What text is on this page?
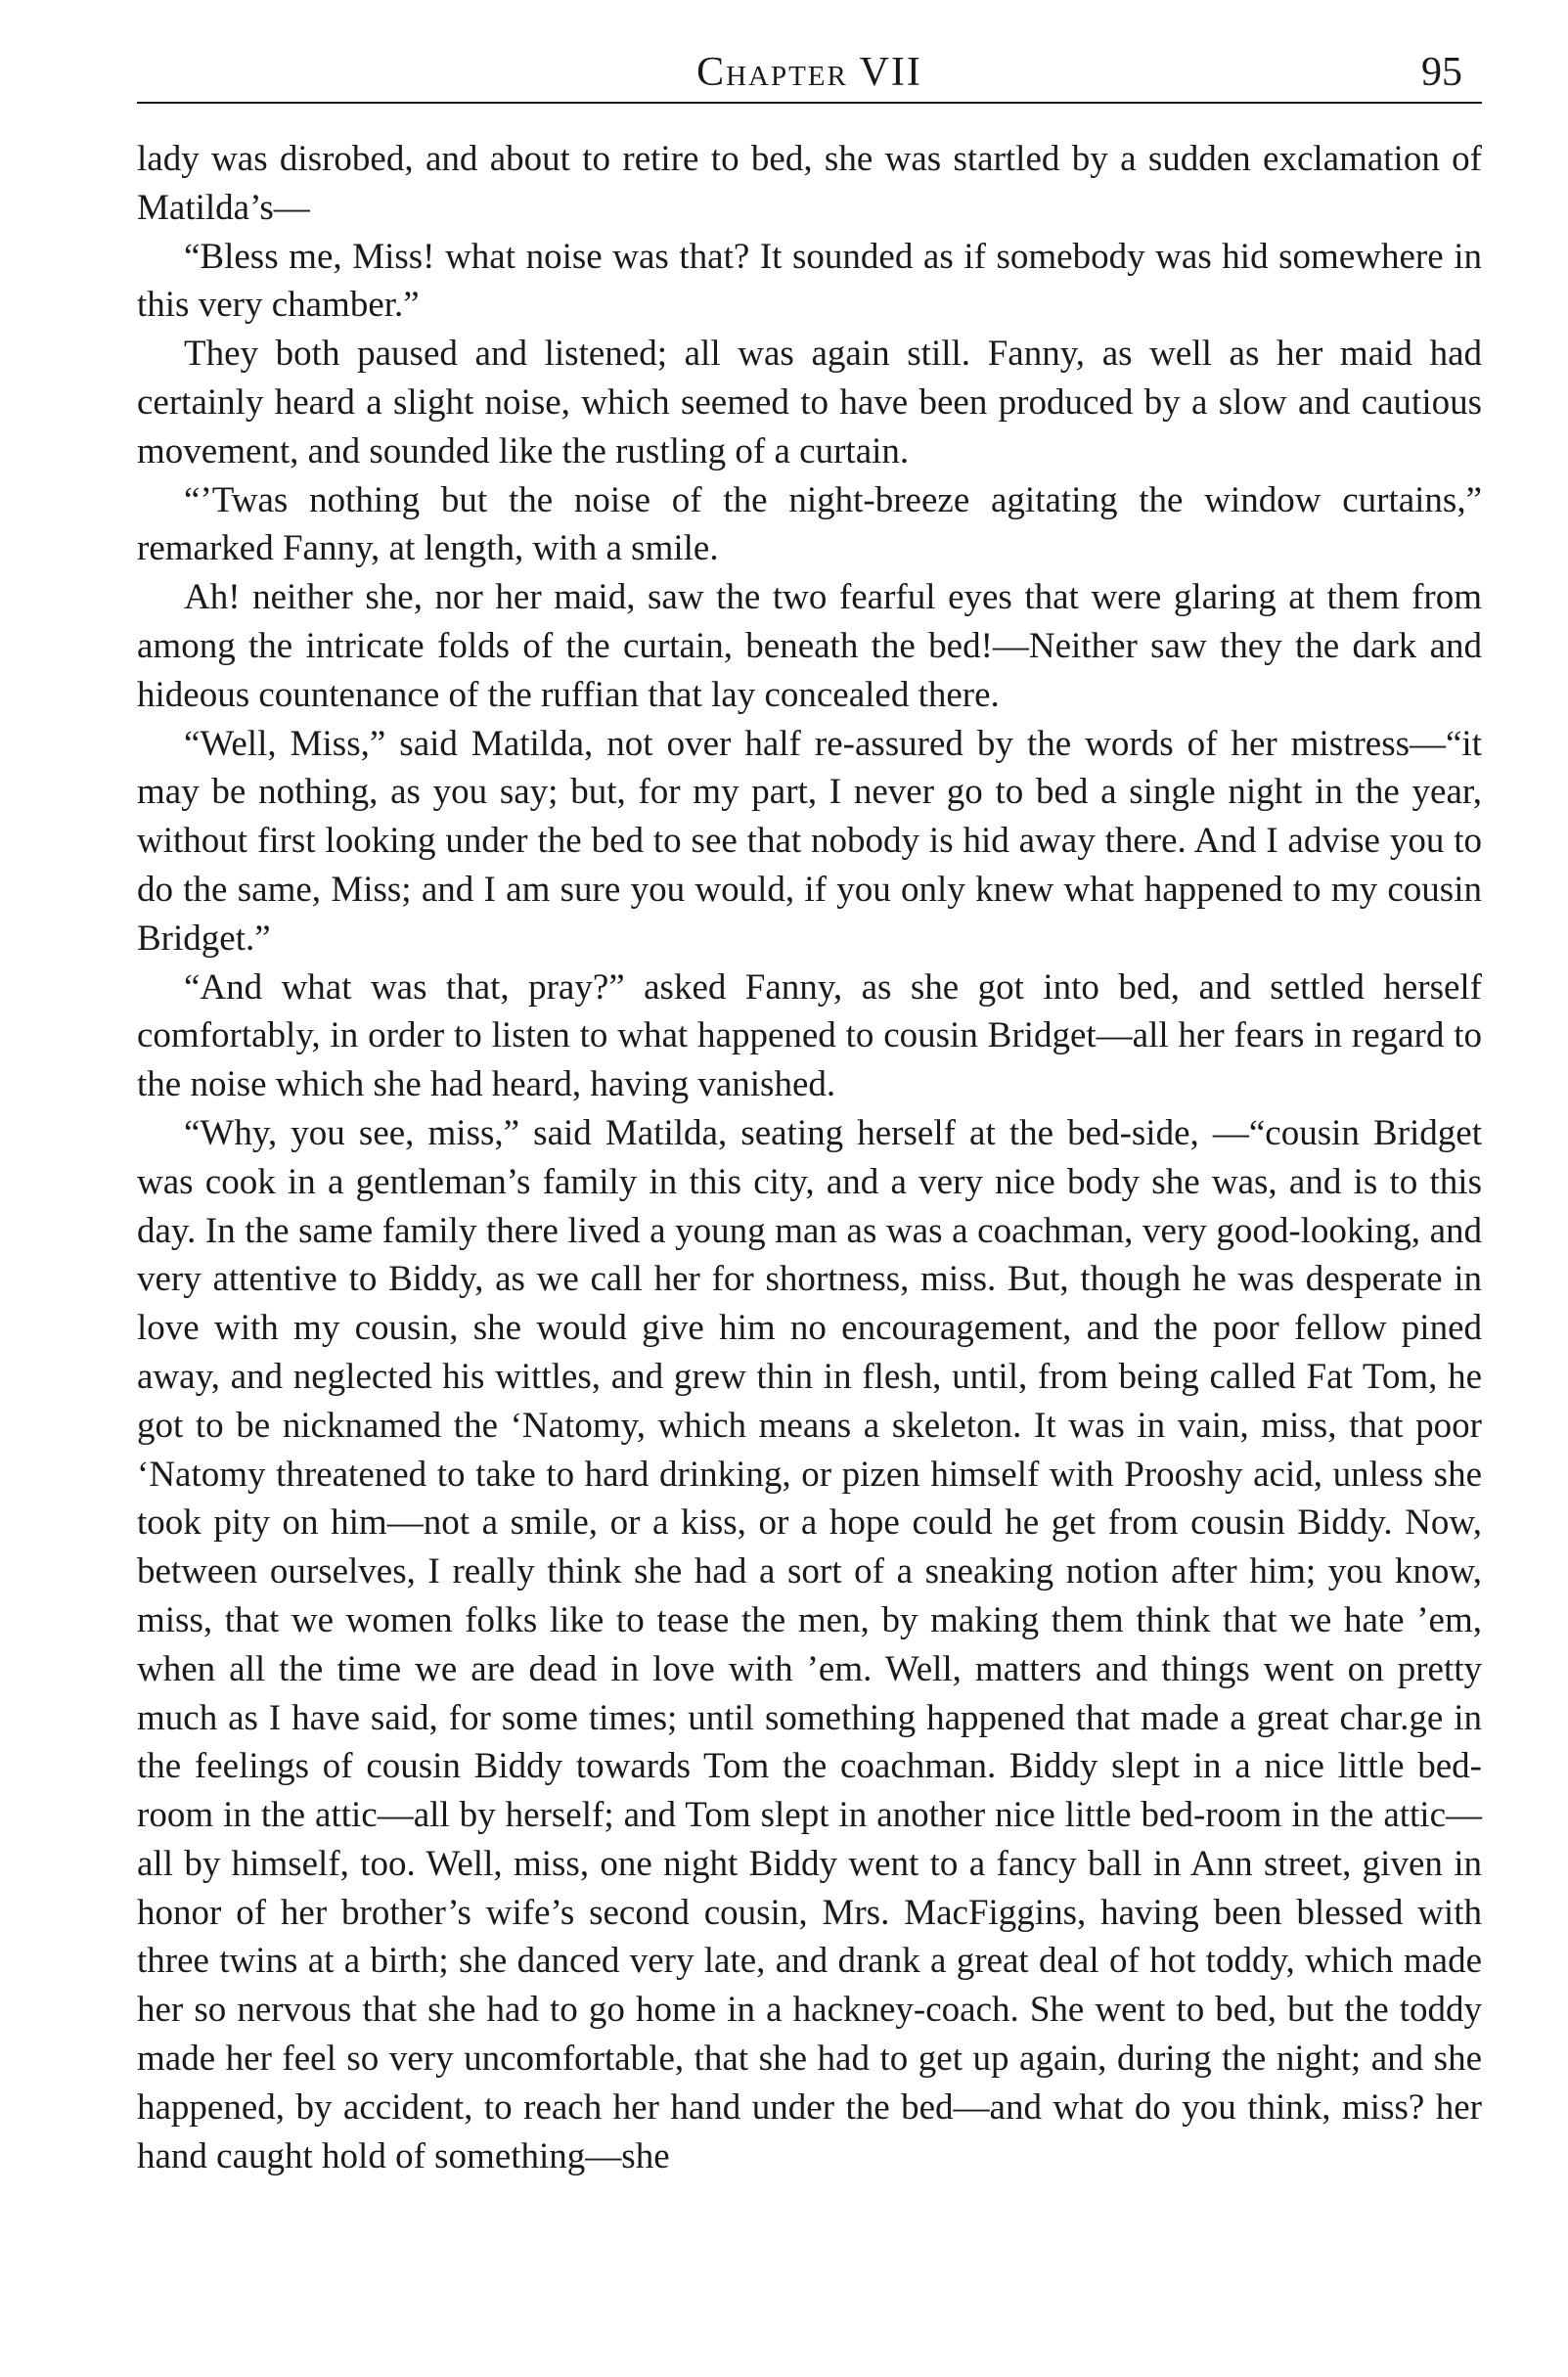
Chapter VII	95

lady was disrobed, and about to retire to bed, she was startled by a sudden exclamation of Matilda’s—

“Bless me, Miss! what noise was that? It sounded as if somebody was hid somewhere in this very chamber.”

They both paused and listened; all was again still. Fanny, as well as her maid had certainly heard a slight noise, which seemed to have been produced by a slow and cautious movement, and sounded like the rustling of a curtain.

“’Twas nothing but the noise of the night-breeze agitating the window curtains,” remarked Fanny, at length, with a smile.

Ah! neither she, nor her maid, saw the two fearful eyes that were glaring at them from among the intricate folds of the curtain, beneath the bed!—Neither saw they the dark and hideous countenance of the ruffian that lay concealed there.

“Well, Miss,” said Matilda, not over half re-assured by the words of her mistress—“it may be nothing, as you say; but, for my part, I never go to bed a single night in the year, without first looking under the bed to see that nobody is hid away there. And I advise you to do the same, Miss; and I am sure you would, if you only knew what happened to my cousin Bridget.”

“And what was that, pray?” asked Fanny, as she got into bed, and settled herself comfortably, in order to listen to what happened to cousin Bridget—all her fears in regard to the noise which she had heard, having vanished.

“Why, you see, miss,” said Matilda, seating herself at the bed-side, —“cousin Bridget was cook in a gentleman’s family in this city, and a very nice body she was, and is to this day. In the same family there lived a young man as was a coachman, very good-looking, and very attentive to Biddy, as we call her for shortness, miss. But, though he was desperate in love with my cousin, she would give him no encouragement, and the poor fellow pined away, and neglected his wittles, and grew thin in flesh, until, from being called Fat Tom, he got to be nicknamed the ‘Natomy, which means a skeleton. It was in vain, miss, that poor ‘Natomy threatened to take to hard drinking, or pizen himself with Prooshy acid, unless she took pity on him—not a smile, or a kiss, or a hope could he get from cousin Biddy. Now, between ourselves, I really think she had a sort of a sneaking notion after him; you know, miss, that we women folks like to tease the men, by making them think that we hate ’em, when all the time we are dead in love with ’em. Well, matters and things went on pretty much as I have said, for some times; until something happened that made a great char.ge in the feelings of cousin Biddy towards Tom the coachman. Biddy slept in a nice little bed-room in the attic—all by herself; and Tom slept in another nice little bed-room in the attic—all by himself, too. Well, miss, one night Biddy went to a fancy ball in Ann street, given in honor of her brother’s wife’s second cousin, Mrs. MacFiggins, having been blessed with three twins at a birth; she danced very late, and drank a great deal of hot toddy, which made her so nervous that she had to go home in a hackney-coach. She went to bed, but the toddy made her feel so very uncomfortable, that she had to get up again, during the night; and she happened, by accident, to reach her hand under the bed—and what do you think, miss? her hand caught hold of something—she
